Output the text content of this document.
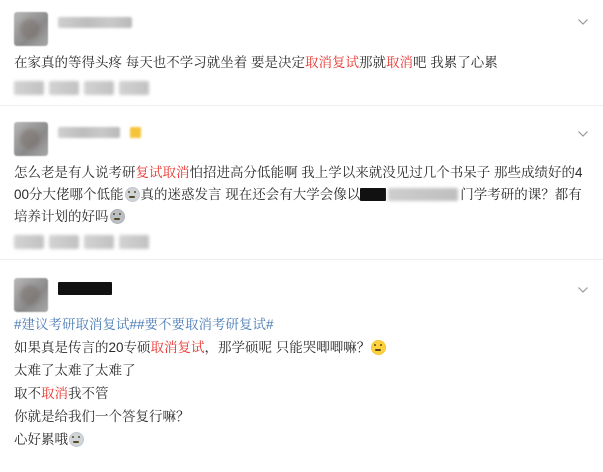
在家真的等得头疼 每天也不学习就坐着 要是决定取消复试那就取消吧 我累了心累

怎么老是有人说考研复试取消怕招进高分低能啊 我上学以来就没见过几个书呆子 那些成绩好的400分大佬哪个低能 真的迷惑发言 现在还会有大学会像以	门学考研的课？都有培养计划的好吗
#建议考研取消复试##要不要取消考研复试#
如果真是传言的20专硕取消复试，那学硕呢 只能哭唧唧嘛？
太难了太难了太难了
取不取消我不管
你就是给我们一个答复行嘛？
心好累哦
